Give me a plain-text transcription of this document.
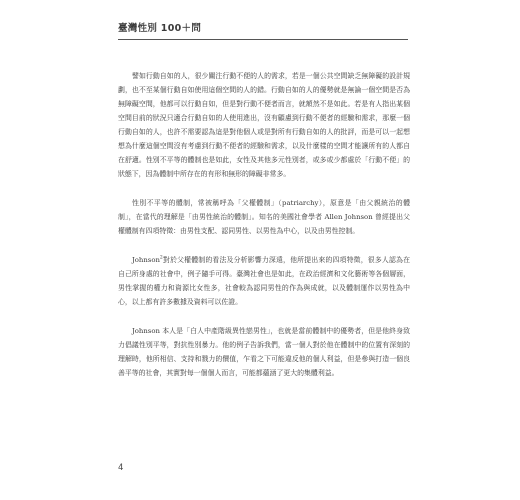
臺灣性別 100＋問

譬如行動自如的人，很少關注行動不便的人的需求，若是一個公共空間缺乏無障礙的設計規劃，也不至某個行動自如使用這個空間的人的錯。行動自如的人的優勢就是無論一個空間是否為無障礙空間，他都可以行動自如，但是對行動不便者而言，就額然不是如此。若是有人指出某個空間目前的狀況只適合行動自如的人使用進出，沒有顧慮到行動不便者的經驗和需求，那麼一個行動自如的人，也許不需要認為這是對他個人或是對所有行動自如的人的批評，而是可以一起想想為什麼這個空間沒有考慮到行動不便者的經驗和需求，以及什麼樣的空間才能讓所有的人都自在舒適。性別不平等的體制也是如此，女性及其他多元性別者，或多或少都處於「行動不便」的狀態下，因為體制中所存在的有形和無形的障礙非常多。

性別不平等的體制，常被稱呼為「父權體制」（patriarchy），原意是「由父親統治的體制」，在當代的理解是「由男性統治的體制」。知名的美國社會學者 Allen Johnson 曾經提出父權體制有四項特徵：由男性支配、認同男性、以男性為中心，以及由男性控制。

Johnson$^2$對於父權體制的看法及分析影響力深遠，他所提出來的四項特徵，很多人認為在自己所身處的社會中，例子隨手可得。臺灣社會也是如此，在政治經濟和文化藝術等各個層面，男性掌握的權力和資源比女性多，社會較為認同男性的作為與成就，以及體制運作以男性為中心，以上都有許多數據及資料可以佐證。

Johnson 本人是「白人中產階級異性戀男性」，也就是當前體制中的優勢者，但是他終身致力倡議性別平等，對抗性別暴力。他的例子告訴我們，當一個人對於他在體制中的位置有深刻的理解時，他所相信、支持和戮力的價值，乍看之下可能違反他的個人利益，但是參與打造一個良善平等的社會，其實對每一個個人而言，可能都蘊涵了更大的集體利益。

4
